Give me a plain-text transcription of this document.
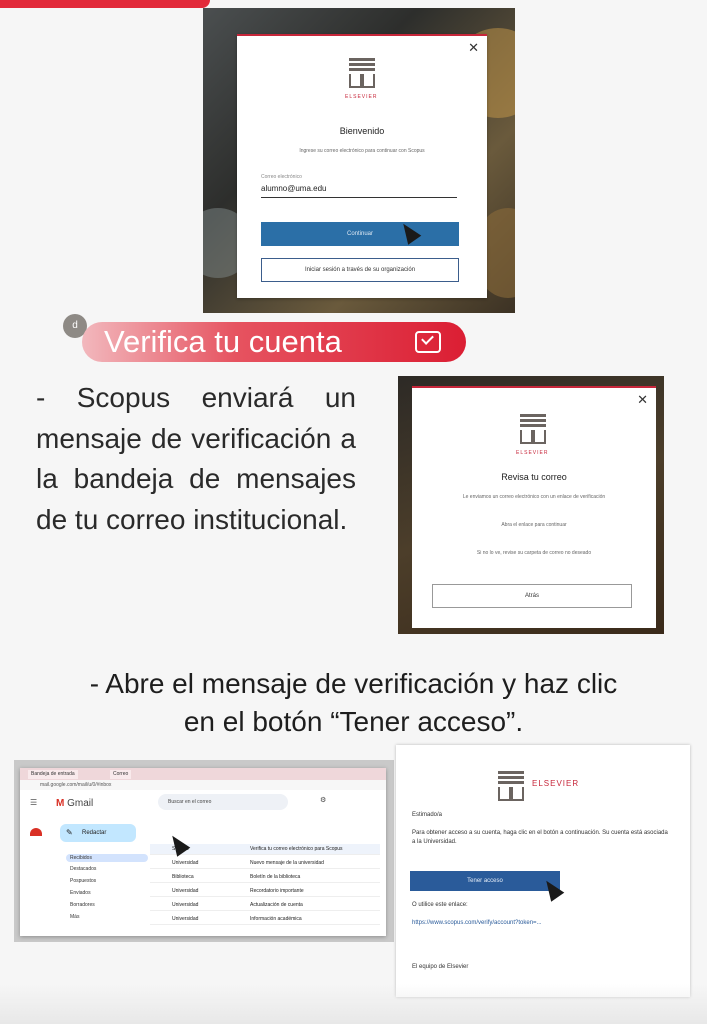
✕
ELSEVIER
Bienvenido
Ingrese su correo electrónico para continuar con Scopus
Correo electrónico
alumno@uma.edu
Continuar
Iniciar sesión a través de su organización
d Verifica tu cuenta
- Scopus enviará un mensaje de verificación a la bandeja de mensajes de tu correo institucional.
✕
ELSEVIER
Revisa tu correo
Le enviamos un correo electrónico con un enlace de verificación
Abra el enlace para continuar
Si no lo ve, revise su carpeta de correo no deseado
Atrás
- Abre el mensaje de verificación y haz clic
en el botón “Tener acceso”.
Bandeja de entrada	Correo
mail.google.com/mail/u/0/#inbox
☰ M Gmail	Buscar en el correo	⚙
Redactar
✎
Recibidos
Destacados
Pospuestos
Enviados
Borradores
Más
Scopus	Verifica tu correo electrónico para Scopus
Universidad	Nuevo mensaje de la universidad
Biblioteca	Boletín de la biblioteca
Universidad	Recordatorio importante
Universidad	Actualización de cuenta
Universidad	Información académica
ELSEVIER
Estimado/a
Para obtener acceso a su cuenta, haga clic en el botón a continuación. Su cuenta está asociada a la Universidad.
Tener acceso
O utilice este enlace:
https://www.scopus.com/verify/account?token=...
El equipo de Elsevier
